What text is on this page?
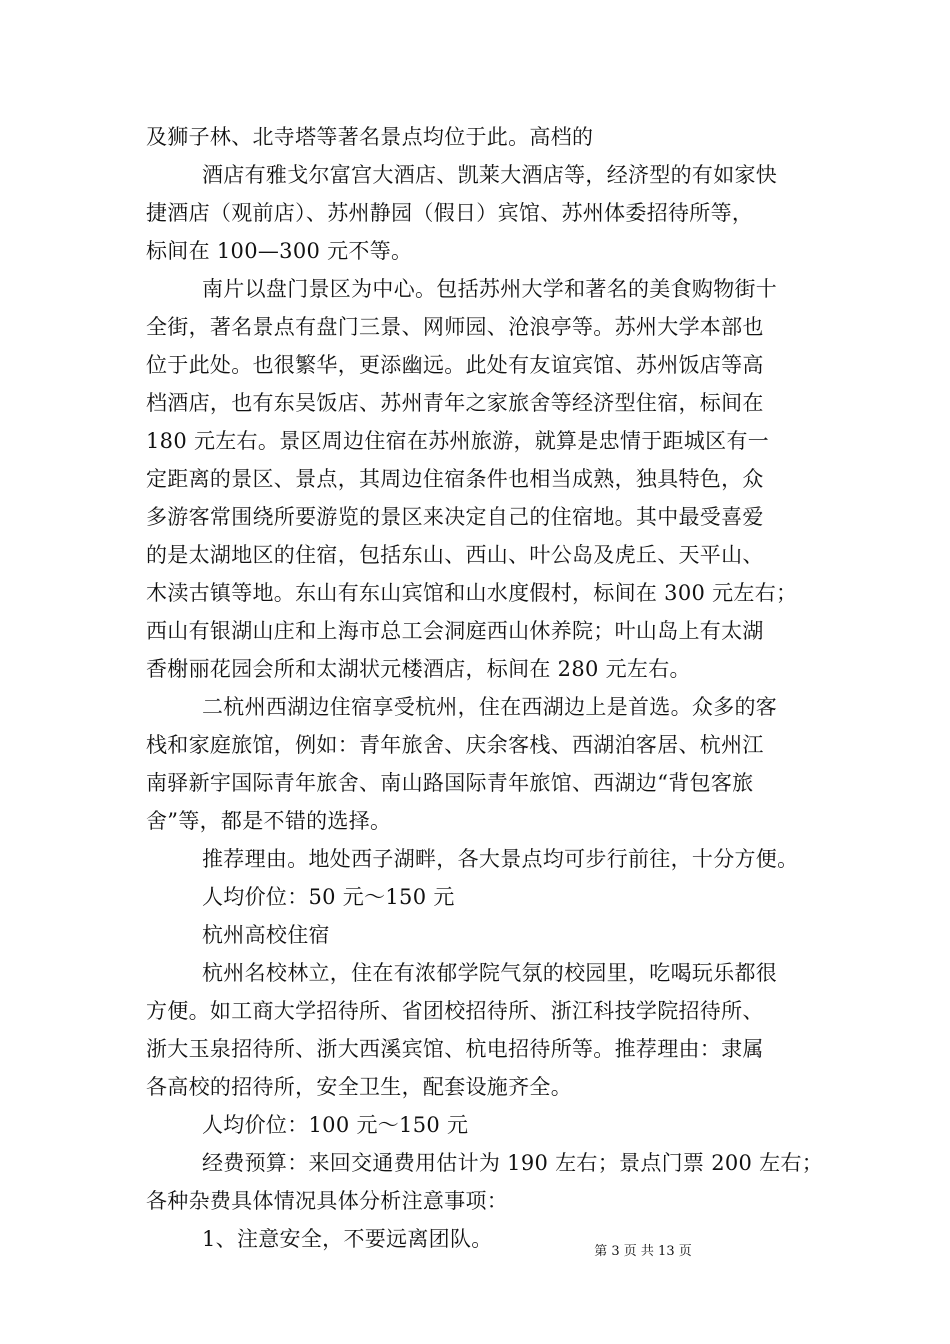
及狮子林、北寺塔等著名景点均位于此。高档的
酒店有雅戈尔富宫大酒店、凯莱大酒店等，经济型的有如家快
捷酒店（观前店）、苏州静园（假日）宾馆、苏州体委招待所等，
标间在 100—300 元不等。
南片以盘门景区为中心。包括苏州大学和著名的美食购物街十
全街，著名景点有盘门三景、网师园、沧浪亭等。苏州大学本部也
位于此处。也很繁华，更添幽远。此处有友谊宾馆、苏州饭店等高
档酒店，也有东吴饭店、苏州青年之家旅舍等经济型住宿，标间在
180 元左右。景区周边住宿在苏州旅游，就算是忠情于距城区有一
定距离的景区、景点，其周边住宿条件也相当成熟，独具特色，众
多游客常围绕所要游览的景区来决定自己的住宿地。其中最受喜爱
的是太湖地区的住宿，包括东山、西山、叶公岛及虎丘、天平山、
木渎古镇等地。东山有东山宾馆和山水度假村，标间在 300 元左右；
西山有银湖山庄和上海市总工会洞庭西山休养院；叶山岛上有太湖
香榭丽花园会所和太湖状元楼酒店，标间在 280 元左右。
二杭州西湖边住宿享受杭州，住在西湖边上是首选。众多的客
栈和家庭旅馆，例如：青年旅舍、庆余客栈、西湖泊客居、杭州江
南驿新宇国际青年旅舍、南山路国际青年旅馆、西湖边“背包客旅
舍”等，都是不错的选择。
推荐理由。地处西子湖畔，各大景点均可步行前往，十分方便。
人均价位：50 元～150 元
杭州高校住宿
杭州名校林立，住在有浓郁学院气氛的校园里，吃喝玩乐都很
方便。如工商大学招待所、省团校招待所、浙江科技学院招待所、
浙大玉泉招待所、浙大西溪宾馆、杭电招待所等。推荐理由：隶属
各高校的招待所，安全卫生，配套设施齐全。
人均价位：100 元～150 元
经费预算：来回交通费用估计为 190 左右；景点门票 200 左右；
各种杂费具体情况具体分析注意事项：
1、注意安全，不要远离团队。
第 3 页 共 13 页
